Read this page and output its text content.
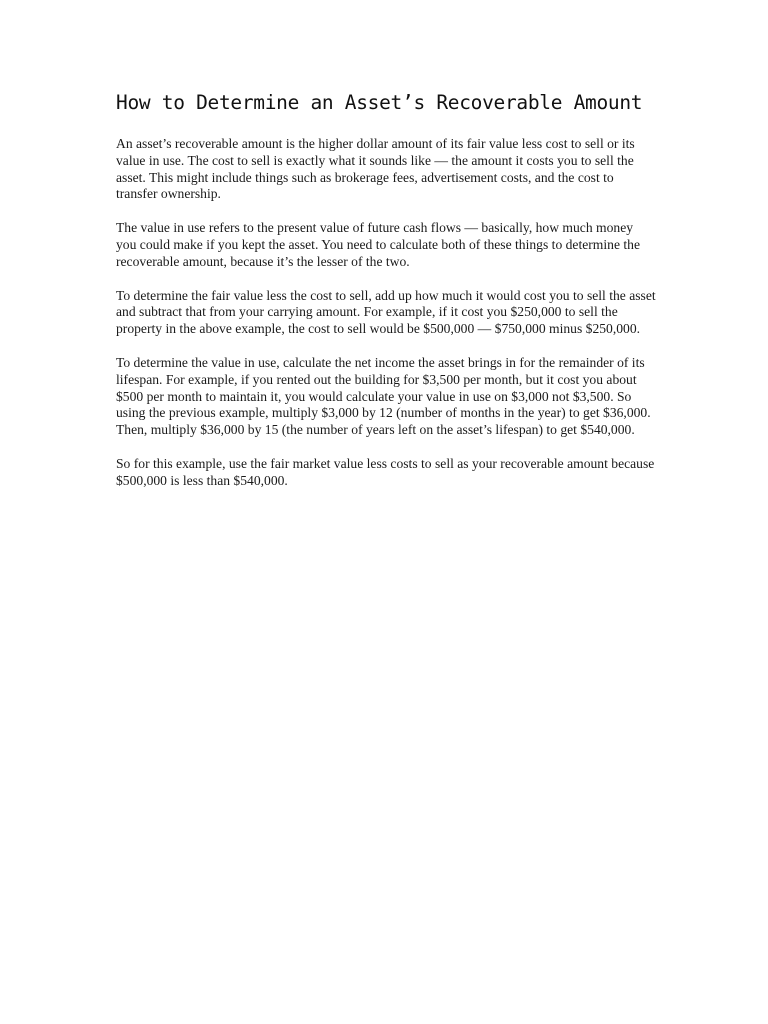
How to Determine an Asset’s Recoverable Amount

An asset’s recoverable amount is the higher dollar amount of its fair value less cost to sell or its value in use. The cost to sell is exactly what it sounds like — the amount it costs you to sell the asset. This might include things such as brokerage fees, advertisement costs, and the cost to transfer ownership.

The value in use refers to the present value of future cash flows — basically, how much money you could make if you kept the asset. You need to calculate both of these things to determine the recoverable amount, because it’s the lesser of the two.

To determine the fair value less the cost to sell, add up how much it would cost you to sell the asset and subtract that from your carrying amount. For example, if it cost you $250,000 to sell the property in the above example, the cost to sell would be $500,000 — $750,000 minus $250,000.

To determine the value in use, calculate the net income the asset brings in for the remainder of its lifespan. For example, if you rented out the building for $3,500 per month, but it cost you about $500 per month to maintain it, you would calculate your value in use on $3,000 not $3,500. So using the previous example, multiply $3,000 by 12 (number of months in the year) to get $36,000. Then, multiply $36,000 by 15 (the number of years left on the asset’s lifespan) to get $540,000.

So for this example, use the fair market value less costs to sell as your recoverable amount because $500,000 is less than $540,000.
